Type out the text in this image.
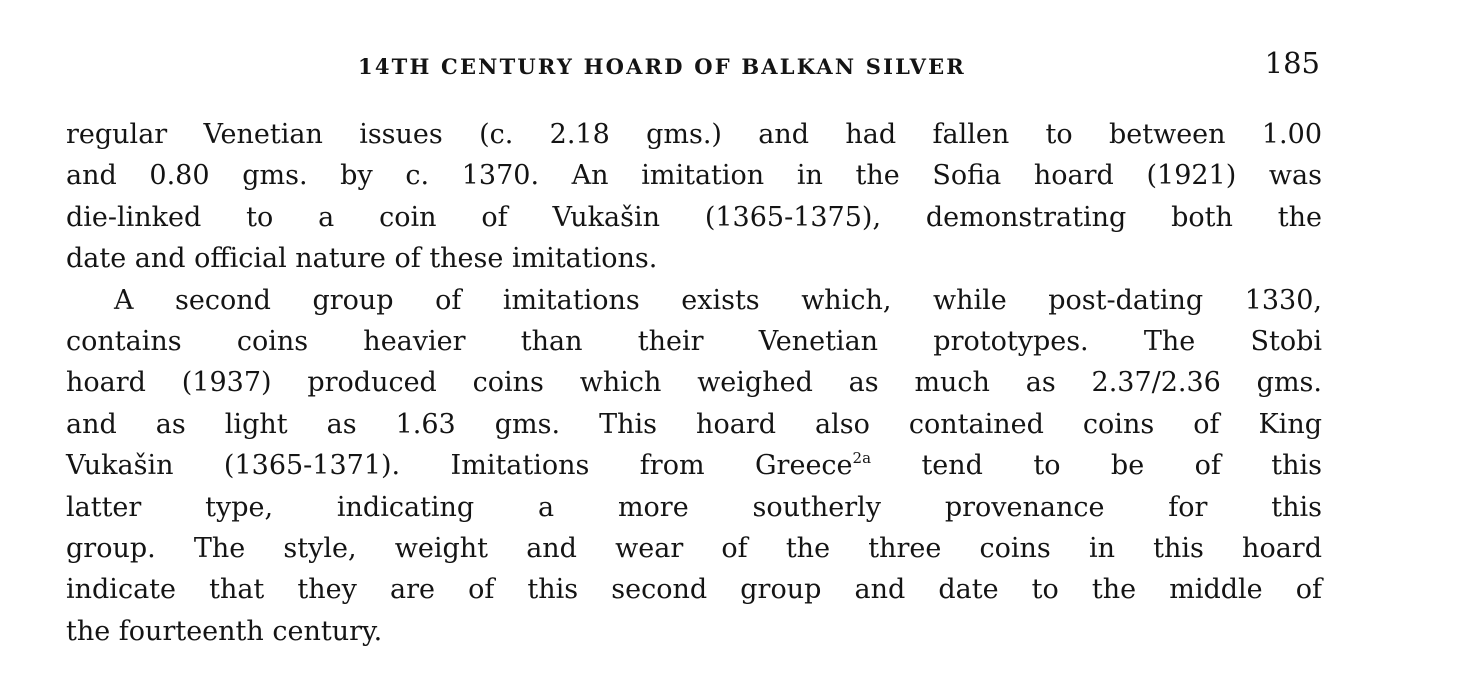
14TH CENTURY HOARD OF BALKAN SILVER	185
regular Venetian issues (c. 2.18 gms.) and had fallen to between 1.00
and 0.80 gms. by c. 1370. An imitation in the Sofia hoard (1921) was
die-linked to a coin of Vukašin (1365-1375), demonstrating both the
date and official nature of these imitations.
A second group of imitations exists which, while post-dating 1330,
contains coins heavier than their Venetian prototypes. The Stobi
hoard (1937) produced coins which weighed as much as 2.37/2.36 gms.
and as light as 1.63 gms. This hoard also contained coins of King
Vukašin (1365-1371). Imitations from Greece$^{2a}$ tend to be of this
latter type, indicating a more southerly provenance for this
group. The style, weight and wear of the three coins in this hoard
indicate that they are of this second group and date to the middle of
the fourteenth century.
